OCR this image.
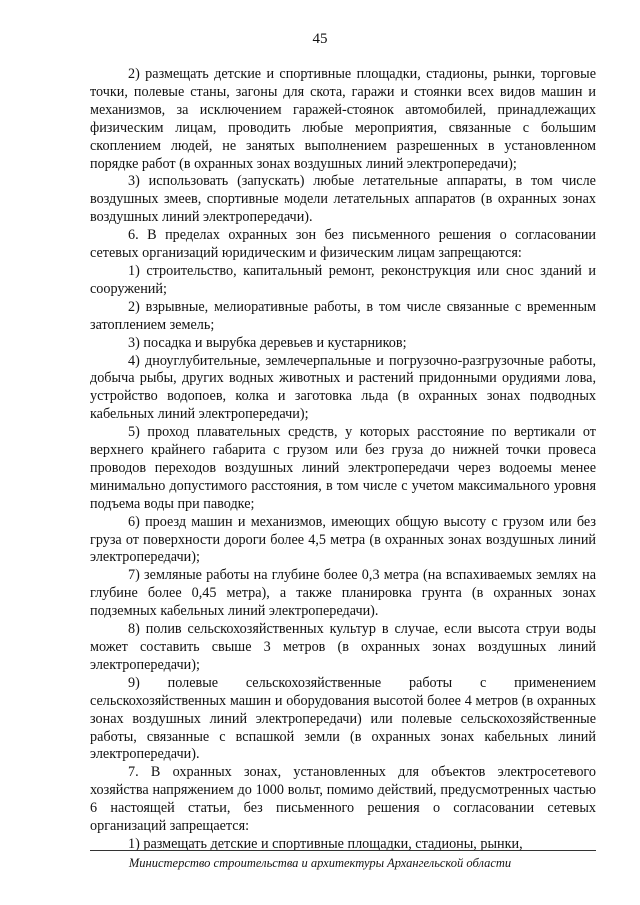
45

2) размещать детские и спортивные площадки, стадионы, рынки, торговые точки, полевые станы, загоны для скота, гаражи и стоянки всех видов машин и механизмов, за исключением гаражей-стоянок автомобилей, принадлежащих физическим лицам, проводить любые мероприятия, связанные с большим скоплением людей, не занятых выполнением разрешенных в установленном порядке работ (в охранных зонах воздушных линий электропередачи);

3) использовать (запускать) любые летательные аппараты, в том числе воздушных змеев, спортивные модели летательных аппаратов (в охранных зонах воздушных линий электропередачи).

6. В пределах охранных зон без письменного решения о согласовании сетевых организаций юридическим и физическим лицам запрещаются:

1) строительство, капитальный ремонт, реконструкция или снос зданий и сооружений;

2) взрывные, мелиоративные работы, в том числе связанные с временным затоплением земель;

3) посадка и вырубка деревьев и кустарников;

4) дноуглубительные, землечерпальные и погрузочно-разгрузочные работы, добыча рыбы, других водных животных и растений придонными орудиями лова, устройство водопоев, колка и заготовка льда (в охранных зонах подводных кабельных линий электропередачи);

5) проход плавательных средств, у которых расстояние по вертикали от верхнего крайнего габарита с грузом или без груза до нижней точки провеса проводов переходов воздушных линий электропередачи через водоемы менее минимально допустимого расстояния, в том числе с учетом максимального уровня подъема воды при паводке;

6) проезд машин и механизмов, имеющих общую высоту с грузом или без груза от поверхности дороги более 4,5 метра (в охранных зонах воздушных линий электропередачи);

7) земляные работы на глубине более 0,3 метра (на вспахиваемых землях на глубине более 0,45 метра), а также планировка грунта (в охранных зонах подземных кабельных линий электропередачи).

8) полив сельскохозяйственных культур в случае, если высота струи воды может составить свыше 3 метров (в охранных зонах воздушных линий электропередачи);

9) полевые сельскохозяйственные работы с применением сельскохозяйственных машин и оборудования высотой более 4 метров (в охранных зонах воздушных линий электропередачи) или полевые сельскохозяйственные работы, связанные с вспашкой земли (в охранных зонах кабельных линий электропередачи).

7. В охранных зонах, установленных для объектов электросетевого хозяйства напряжением до 1000 вольт, помимо действий, предусмотренных частью 6 настоящей статьи, без письменного решения о согласовании сетевых организаций запрещается:

1) размещать детские и спортивные площадки, стадионы, рынки,

Министерство строительства и архитектуры Архангельской области
